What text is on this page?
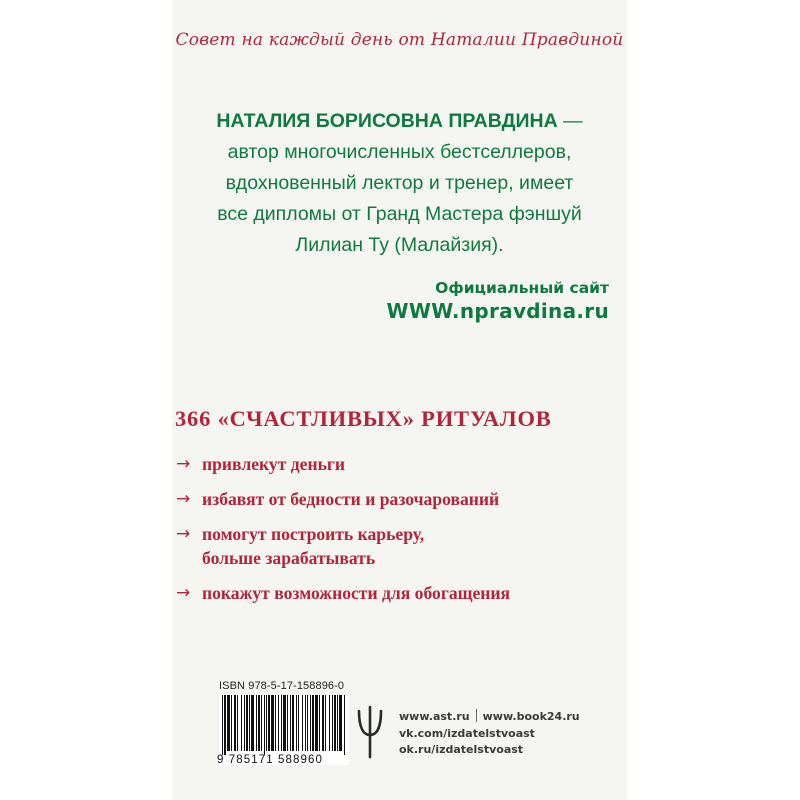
Совет на каждый день от Наталии Правдиной
НАТАЛИЯ БОРИСОВНА ПРАВДИНА —
автор многочисленных бестселлеров,
вдохновенный лектор и тренер, имеет
все дипломы от Гранд Мастера фэншуй
Лилиан Ту (Малайзия).
Официальный сайт
WWW.npravdina.ru
366 «СЧАСТЛИВЫХ» РИТУАЛОВ
→ привлекут деньги
→ избавят от бедности и разочарований
→ помогут построить карьеру,
больше зарабатывать
→ покажут возможности для обогащения
ISBN 978-5-17-158896-0
9 785171 588960
www.ast.ru www.book24.ru
vk.com/izdatelstvoast
ok.ru/izdatelstvoast
